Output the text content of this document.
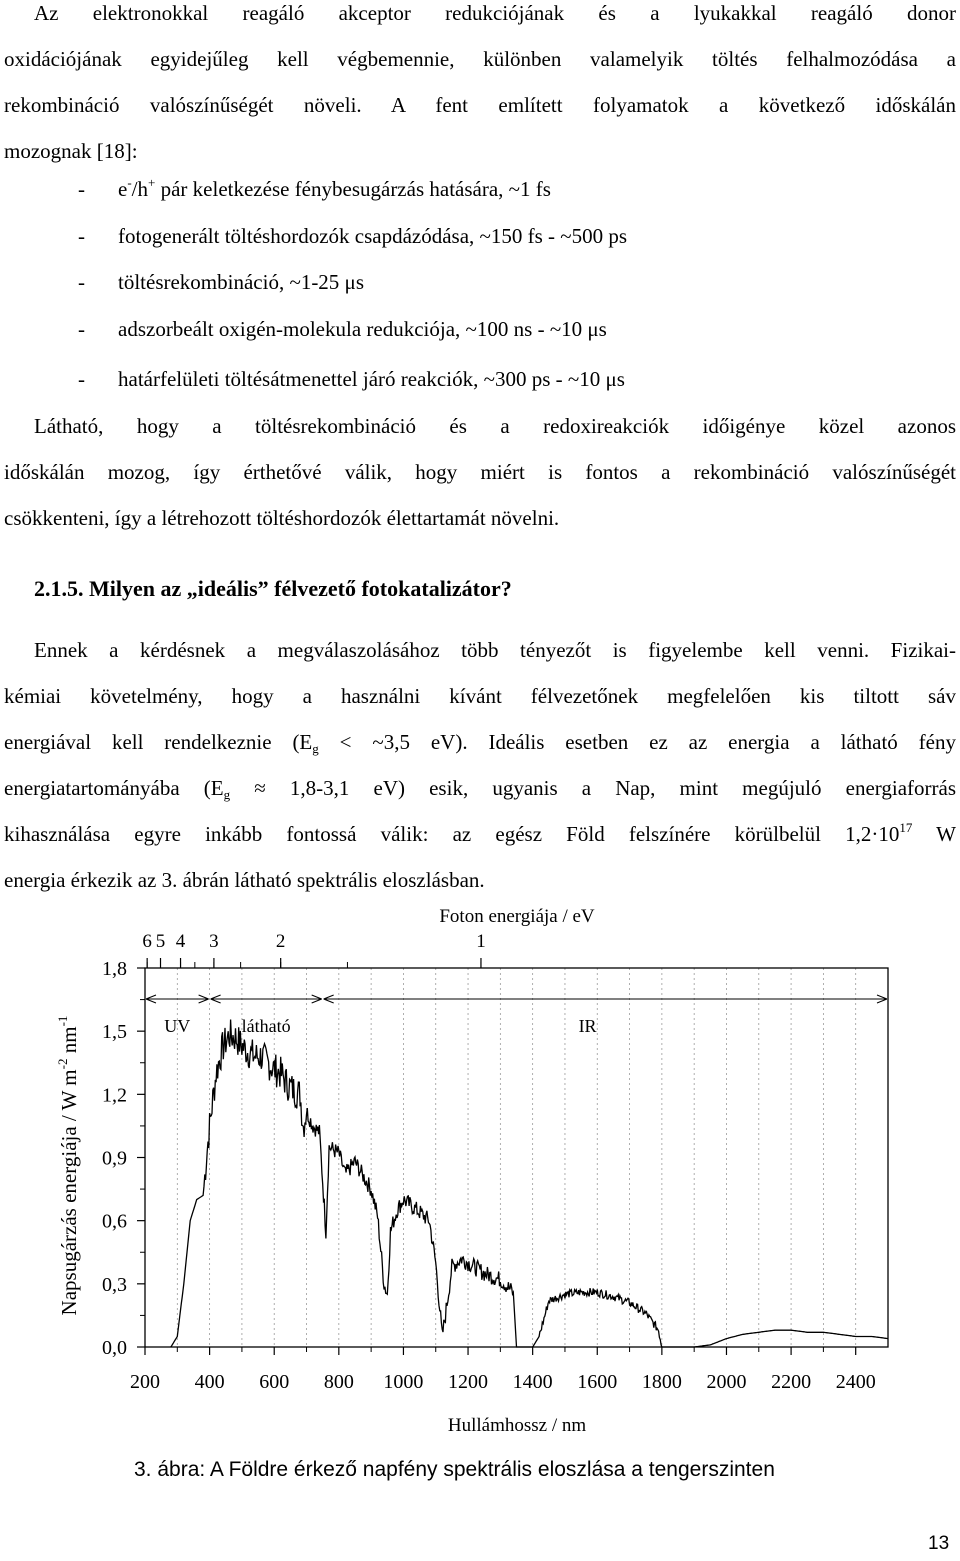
Az elektronokkal reagáló akceptor redukciójának és a lyukakkal reagáló donor
oxidációjának egyidejűleg kell végbemennie, különben valamelyik töltés felhalmozódása a
rekombináció valószínűségét növeli. A fent említett folyamatok a következő időskálán
mozognak [18]:
- e-/h+ pár keletkezése fénybesugárzás hatására, ~1 fs
- fotogenerált töltéshordozók csapdázódása, ~150 fs - ~500 ps
- töltésrekombináció, ~1-25 μs
- adszorbeált oxigén-molekula redukciója, ~100 ns - ~10 μs
- határfelületi töltésátmenettel járó reakciók, ~300 ps - ~10 μs
Látható, hogy a töltésrekombináció és a redoxireakciók időigénye közel azonos
időskálán mozog, így érthetővé válik, hogy miért is fontos a rekombináció valószínűségét
csökkenteni, így a létrehozott töltéshordozók élettartamát növelni.
2.1.5. Milyen az „ideális” félvezető fotokatalizátor?
Ennek a kérdésnek a megválaszolásához több tényezőt is figyelembe kell venni. Fizikai-
kémiai követelmény, hogy a használni kívánt félvezetőnek megfelelően kis tiltott sáv
energiával kell rendelkeznie ($E_g$ < ~3,5 eV). Ideális esetben ez az energia a látható fény
energiatartományába ($E_g \approx 1,8-3,1$ eV) esik, ugyanis a Nap, mint megújuló energiaforrás
kihasználása egyre inkább fontossá válik: az egész Föld felszínére körülbelül $1,2\cdot 10^{17}$ W
energia érkezik az 3. ábrán látható spektrális eloszlásban.
UV	látható	IR
200 400 600 800 1000 1200 1400 1600 1800 2000 2200 2400
0,0
0,3
0,6
0,9
1,2
1,5
1,8
6 5 4 3	2	1
Foton energiája / eV
Hullámhossz / nm
Napsugárzás energiája / W $m^{-2}$ $nm^{-1}$
3. ábra: A Földre érkező napfény spektrális eloszlása a tengerszinten
13
